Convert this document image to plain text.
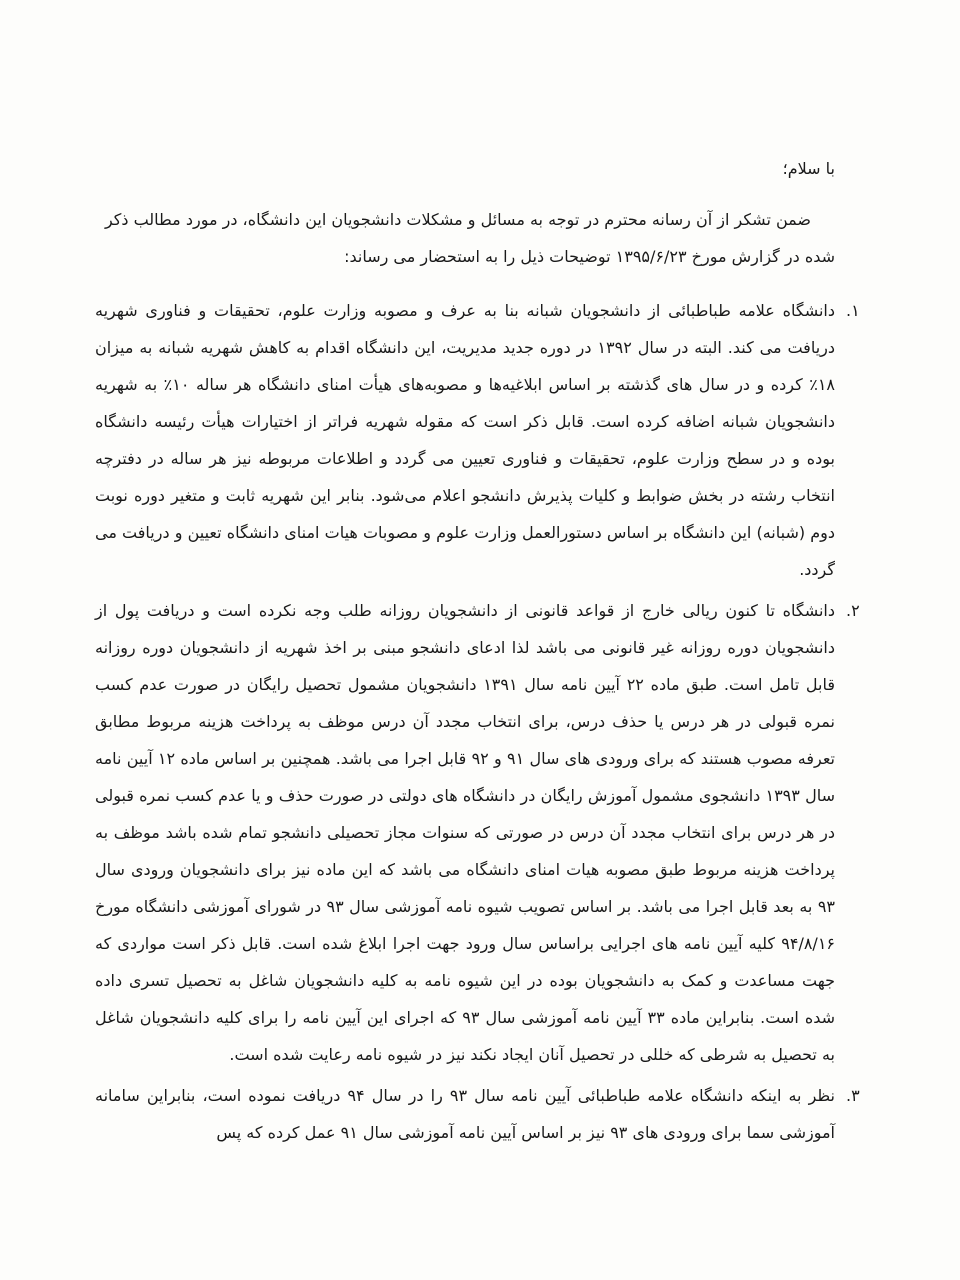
با سلام؛

ضمن تشکر از آن رسانه محترم در توجه به مسائل و مشکلات دانشجویان این دانشگاه، در مورد مطالب ذکر شده در گزارش مورخ ۱۳۹۵/۶/۲۳ توضیحات ذیل را به استحضار می رساند:

۱.
دانشگاه علامه طباطبائی از دانشجویان شبانه بنا به عرف و مصوبه وزارت علوم، تحقیقات و فناوری شهریه دریافت می کند. البته در سال ۱۳۹۲ در دوره جدید مدیریت، این دانشگاه اقدام به کاهش شهریه شبانه به میزان ۱۸٪ کرده و در سال های گذشته بر اساس ابلاغیه‌ها و مصوبه‌های هیأت امنای دانشگاه هر ساله ۱۰٪ به شهریه دانشجویان شبانه اضافه کرده است. قابل ذکر است که مقوله شهریه فراتر از اختیارات هیأت رئیسه دانشگاه بوده و در سطح وزارت علوم، تحقیقات و فناوری تعیین می گردد و اطلاعات مربوطه نیز هر ساله در دفترچه انتخاب رشته در بخش ضوابط و کلیات پذیرش دانشجو اعلام می‌شود. بنابر این شهریه ثابت و متغیر دوره نوبت دوم (شبانه) این دانشگاه بر اساس دستورالعمل وزارت علوم و مصوبات هیات امنای دانشگاه تعیین و دریافت می گردد.
۲.
دانشگاه تا کنون ریالی خارج از قواعد قانونی از دانشجویان روزانه طلب وجه نکرده است و دریافت پول از دانشجویان دوره روزانه غیر قانونی می باشد لذا ادعای دانشجو مبنی بر اخذ شهریه از دانشجویان دوره روزانه قابل تامل است. طبق ماده ۲۲ آیین نامه سال ۱۳۹۱ دانشجویان مشمول تحصیل رایگان در صورت عدم کسب نمره قبولی در هر درس یا حذف درس، برای انتخاب مجدد آن درس موظف به پرداخت هزینه مربوط مطابق تعرفه مصوب هستند که برای ورودی های سال ۹۱ و ۹۲ قابل اجرا می باشد. همچنین بر اساس ماده ۱۲ آیین نامه سال ۱۳۹۳ دانشجوی مشمول آموزش رایگان در دانشگاه های دولتی در صورت حذف و یا عدم کسب نمره قبولی در هر درس برای انتخاب مجدد آن درس در صورتی که سنوات مجاز تحصیلی دانشجو تمام شده باشد موظف به پرداخت هزینه مربوط طبق مصوبه هیات امنای دانشگاه می باشد که این ماده نیز برای دانشجویان ورودی سال ۹۳ به بعد قابل اجرا می باشد. بر اساس تصویب شیوه نامه آموزشی سال ۹۳ در شورای آموزشی دانشگاه مورخ ۹۴/۸/۱۶ کلیه آیین نامه های اجرایی براساس سال ورود جهت اجرا ابلاغ شده است. قابل ذکر است مواردی که جهت مساعدت و کمک به دانشجویان بوده در این شیوه نامه به کلیه دانشجویان شاغل به تحصیل تسری داده شده است. بنابراین ماده ۳۳ آیین نامه آموزشی سال ۹۳ که اجرای این آیین نامه را برای کلیه دانشجویان شاغل به تحصیل به شرطی که خللی در تحصیل آنان ایجاد نکند نیز در شیوه نامه رعایت شده است.
۳.
نظر به اینکه دانشگاه علامه طباطبائی آیین نامه سال ۹۳ را در سال ۹۴ دریافت نموده است، بنابراین سامانه آموزشی سما برای ورودی های ۹۳ نیز بر اساس آیین نامه آموزشی سال ۹۱ عمل کرده که پس
